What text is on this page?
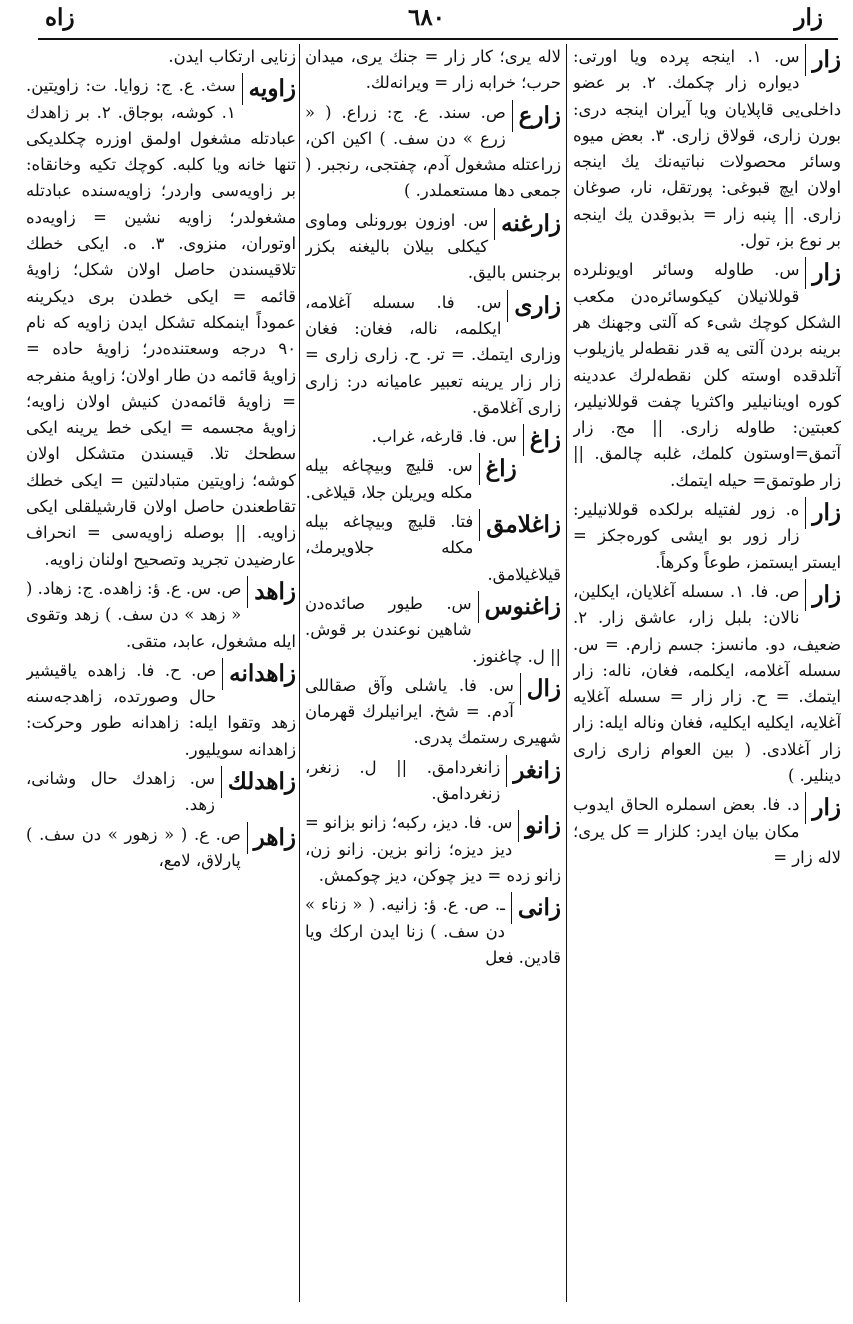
زاه	٦٨٠	زار
زار
س. ١. اینجه پرده ویا اورتی: دیواره زار چکمك. ٢. بر عضو داخلی‌یی قاپلایان ویا آیران اینجه دری: بورن زاری، قولاق زاری. ٣. بعض میوه وسائر محصولات نباتیه‌نك یك اینجه اولان ایچ قبوغی: پورتقل، نار، صوغان زاری. || پنبه زار = بذبوقدن یك اینجه بر نوع بز، تول.
زار
س. طاوله وسائر اویونلرده قوللانیلان كیكوسائره‌دن مكعب الشكل كوچك شیء كه آلتی وجهنك هر برینه بردن آلتی یه قدر نقطه‌لر یازیلوب آتلدقده اوسته كلن نقطه‌لرك عددینه كوره اوینانیلیر واكثریا چفت قوللانیلیر، كعبتین: طاوله زاری. || مج. زار آتمق=اوستون كلمك، غلبه چالمق. || زار طوتمق= حیله ایتمك.
زار
ه. زور لفتیله برلكده قوللانیلیر: زار زور بو ایشی كوره‌جكز = ایستر ایستمز، طوعاً وكرهاً.
زار
ص. فا. ١. سسله آغلایان، ایكلین، نالان: بلبل زار، عاشق زار. ٢. ضعیف، دو. مانسز: جسم زارم. = س. سسله آغلامه، ایكلمه، فغان، ناله: زار ایتمك. = ح. زار زار = سسله آغلایه آغلایه، ایكلیه ایكلیه، فغان وناله ایله: زار زار آغلادی. ( بین العوام زاری زاری دینلیر. )
زار
د. فا. بعض اسملره الحاق ایدوب مكان بیان ایدر: كلزار = كل یری؛ لاله زار =
لاله یری؛ كار زار = جنك یری، میدان حرب؛ خرابه زار = ویرانه‌لك.
زارع
ص. سند. ع. ج: زراع. ( « زرع » دن سف. ) اكین اكن، زراعتله مشغول آدم، چفتجی، رنجبر. ( جمعی دها مستعملدر. )
زارغنه
س. اوزون بورونلی وماوی كیكلی بیلان بالیغنه بكزر برجنس بالیق.
زاری
س. فا. سسله آغلامه، ایكلمه، ناله، فغان: فغان وزاری ایتمك. = تر. ح. زاری زاری = زار زار یرینه تعبیر عامیانه در: زاری زاری آغلامق.
زاغ
س. فا. قارغه، غراب.
زاغ
س. قلیچ وبیچاغه بیله مكله ویریلن جلا، قیلاغی.
زاغلامق
فتا. قلیچ وبیچاغه بیله مكله جلاویرمك، قیلاغیلامق.
زاغنوس
س. طیور صائده‌دن شاهین نوعندن بر قوش. || ل. چاغنوز.
زال
س. فا. یاشلی وآق صقاللی آدم. = شخ. ایرانیلرك قهرمان شهیری رستمك پدری.
زانغر
زانغردامق. || ل. زنغر، زنغردامق.
زانو
س. فا. دیز، ركبه؛ زانو بزانو = دیز دیزه؛ زانو بزین. زانو زن، زانو زده = دیز چوكن، دیز چوكمش.
زانی
ـ. ص. ع. ؤ: زانیه. ( « زناء » دن سف. ) زنا ایدن اركك ویا قادین. فعل
زنایی ارتكاب ایدن.
زاویه
سث. ع. ج: زوایا. ت: زاویتین. ١. كوشه، بوجاق. ٢. بر زاهدك عبادتله مشغول اولمق اوزره چكلدیكی تنها خانه ویا كلبه. كوچك تكیه وخانقاه: بر زاویه‌سی واردر؛ زاویه‌سنده عبادتله مشغولدر؛ زاویه نشین = زاویه‌ده اوتوران، منزوی. ٣. ه. ایكی خطك تلاقیسندن حاصل اولان شكل؛ زاویهٔ قائمه = ایكی خطدن بری دیكرینه عموداً اینمكله تشكل ایدن زاویه كه نام ٩٠ درجه وسعتنده‌در؛ زاویهٔ حاده = زاویهٔ قائمه دن طار اولان؛ زاویهٔ منفرجه = زاویهٔ قائمه‌دن كنیش اولان زاویه؛ زاویهٔ مجسمه = ایكی خط یرینه ایكی سطحك تلا. قیسندن متشكل اولان كوشه؛ زاویتین متبادلتین = ایكی خطك تقاطعندن حاصل اولان قارشیلقلی ایكی زاویه. || بوصله زاویه‌سی = انحراف عارضیدن تجرید وتصحیح اولنان زاویه.
زاهد
ص. س. ع. ؤ: زاهده. ج: زهاد. ( « زهد » دن سف. ) زهد وتقوی ایله مشغول، عابد، متقی.
زاهدانه
ص. ح. فا. زاهده یاقیشیر حال وصورتده، زاهدجه‌سنه زهد وتقوا ایله: زاهدانه طور وحركت: زاهدانه سویلیور.
زاهدلك
س. زاهدك حال وشانی، زهد.
زاهر
ص. ع. ( « زهور » دن سف. ) پارلاق، لامع،
